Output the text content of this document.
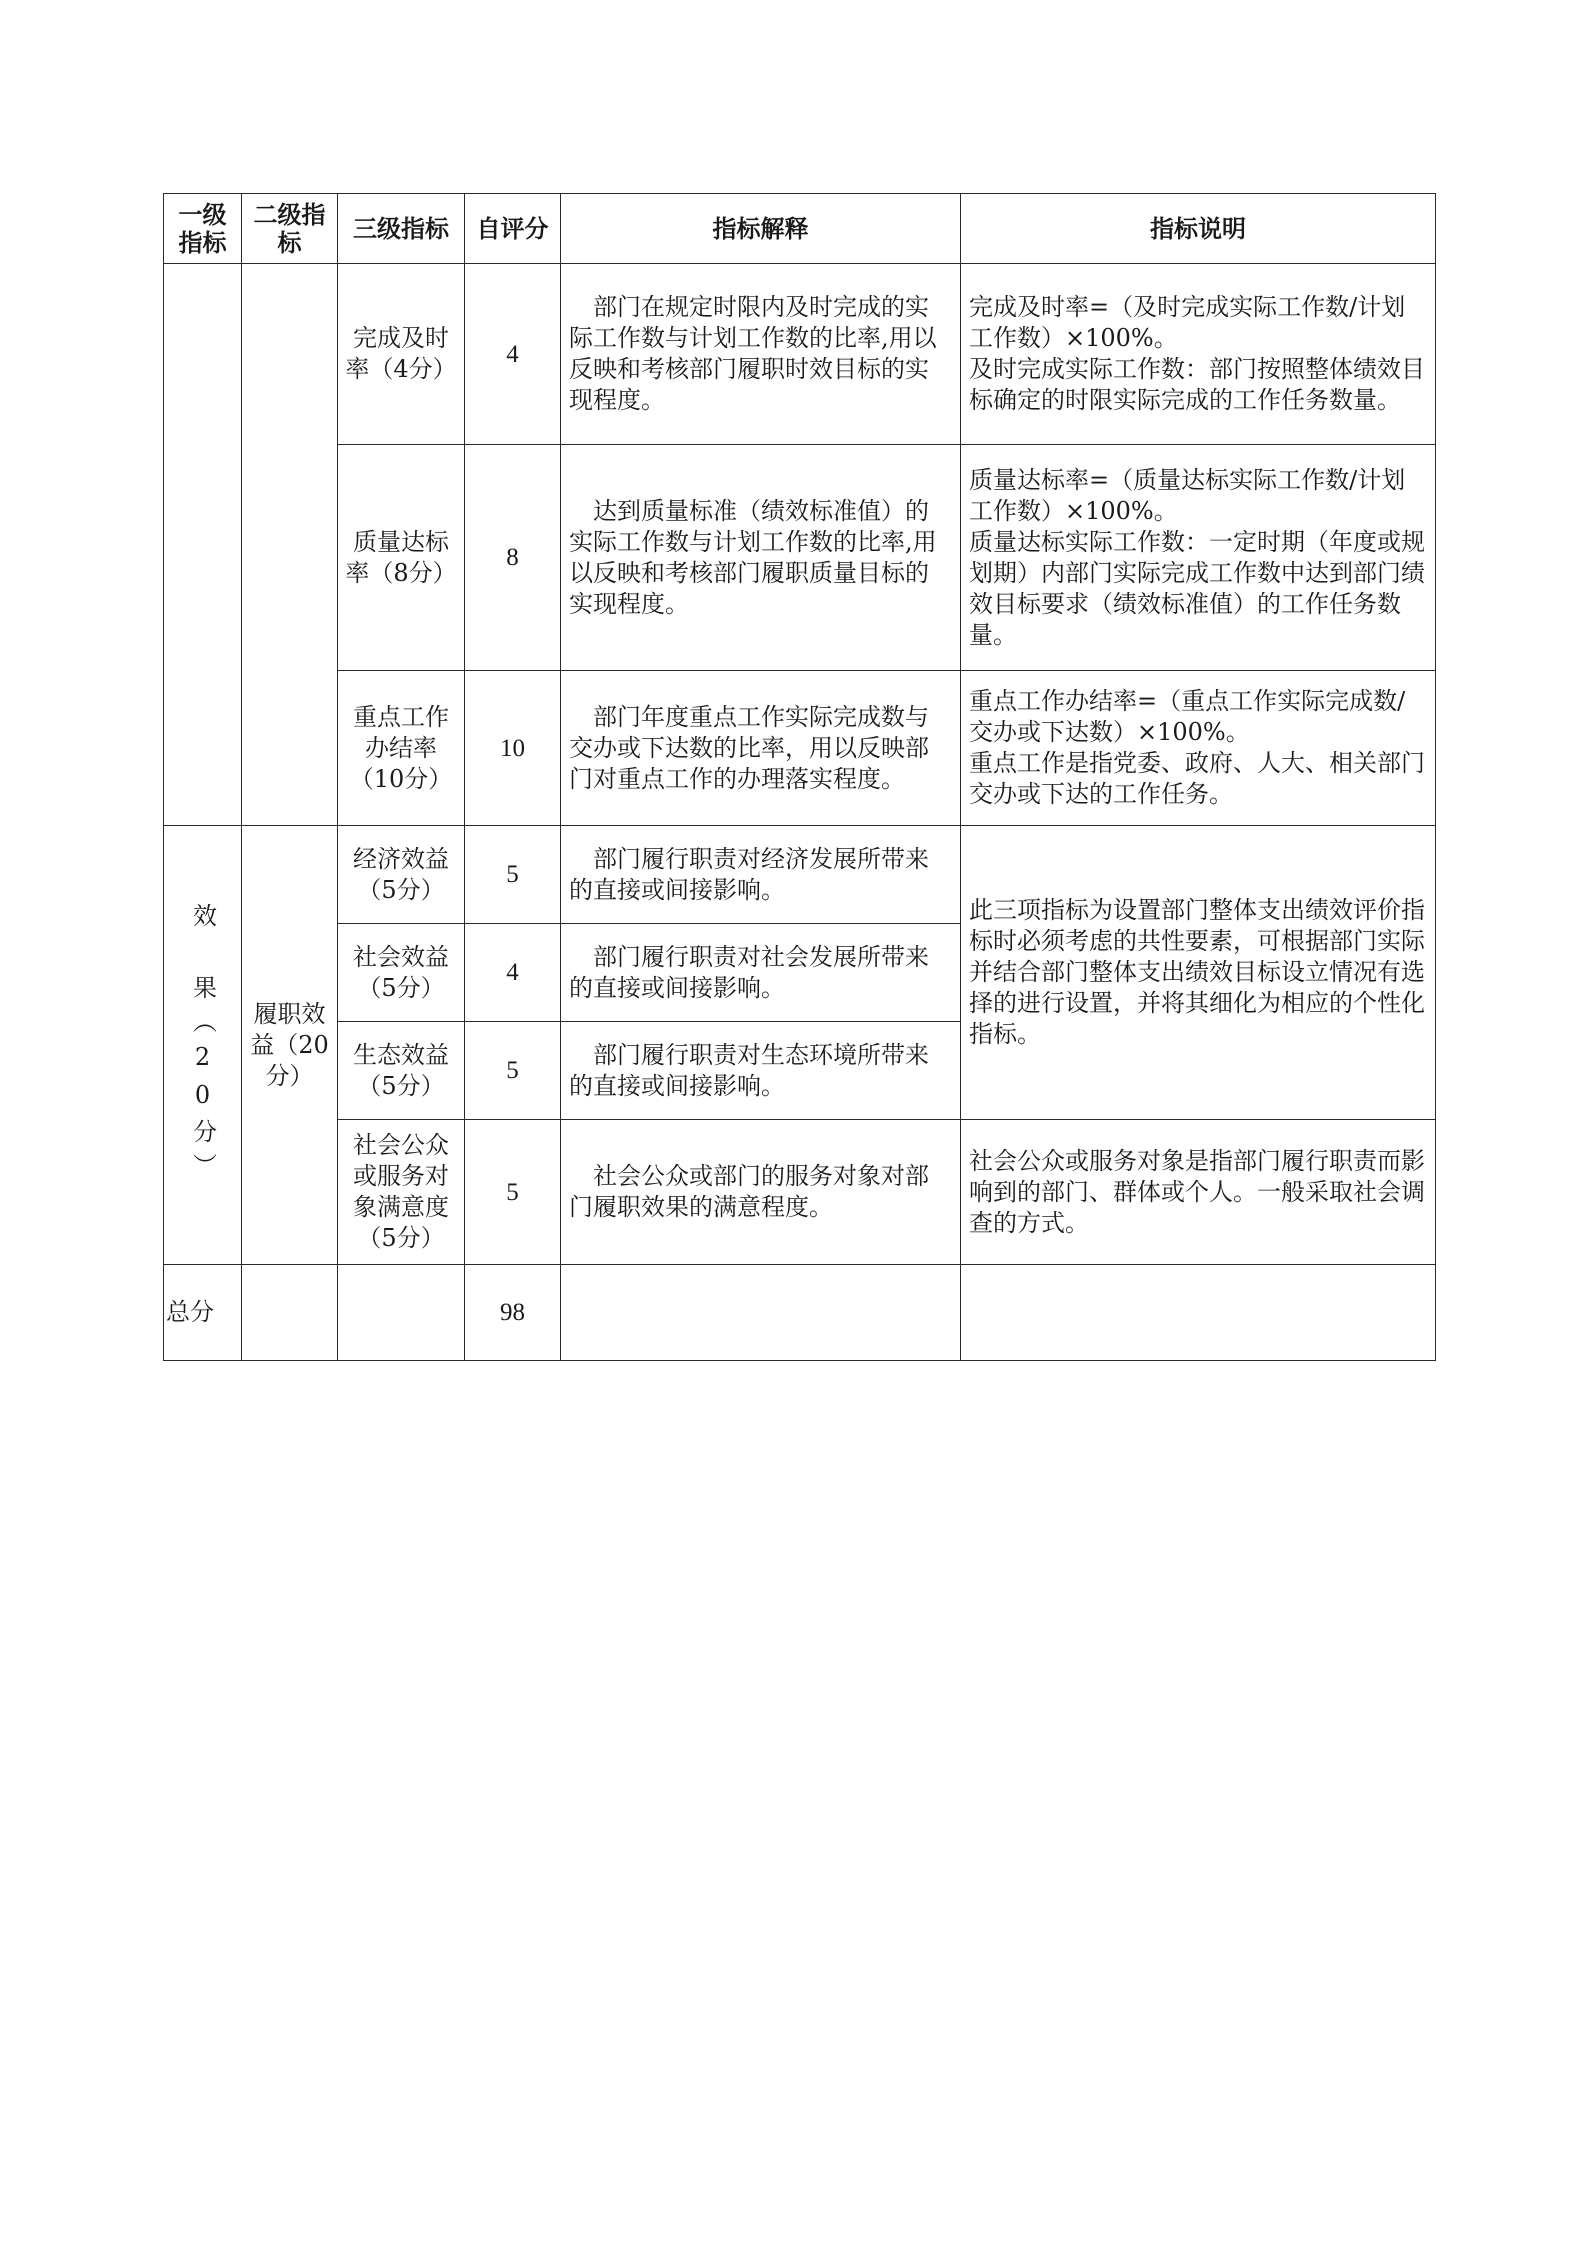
一级指标	二级指标	三级指标	自评分	指标解释	指标说明
		完成及时率（4分）	4	部门在规定时限内及时完成的实际工作数与计划工作数的比率,用以反映和考核部门履职时效目标的实现程度。	完成及时率=（及时完成实际工作数/计划工作数）×100%。
及时完成实际工作数：部门按照整体绩效目标确定的时限实际完成的工作任务数量。
		质量达标率（8分）	8	达到质量标准（绩效标准值）的实际工作数与计划工作数的比率,用以反映和考核部门履职质量目标的实现程度。	质量达标率=（质量达标实际工作数/计划工作数）×100%。
质量达标实际工作数：一定时期（年度或规划期）内部门实际完成工作数中达到部门绩效目标要求（绩效标准值）的工作任务数量。
		重点工作办结率（10分）	10	部门年度重点工作实际完成数与交办或下达数的比率，用以反映部门对重点工作的办理落实程度。	重点工作办结率=（重点工作实际完成数/交办或下达数）×100%。
重点工作是指党委、政府、人大、相关部门交办或下达的工作任务。

效 果（20分）	履职效益（20分）	经济效益（5分）	5	部门履行职责对经济发展所带来的直接或间接影响。	此三项指标为设置部门整体支出绩效评价指标时必须考虑的共性要素，可根据部门实际并结合部门整体支出绩效目标设立情况有选择的进行设置，并将其细化为相应的个性化指标。
		社会效益（5分）	4	部门履行职责对社会发展所带来的直接或间接影响。	
		生态效益（5分）	5	部门履行职责对生态环境所带来的直接或间接影响。	
		社会公众或服务对象满意度（5分）	5	社会公众或部门的服务对象对部门履职效果的满意程度。	社会公众或服务对象是指部门履行职责而影响到的部门、群体或个人。一般采取社会调查的方式。
总分			98		
